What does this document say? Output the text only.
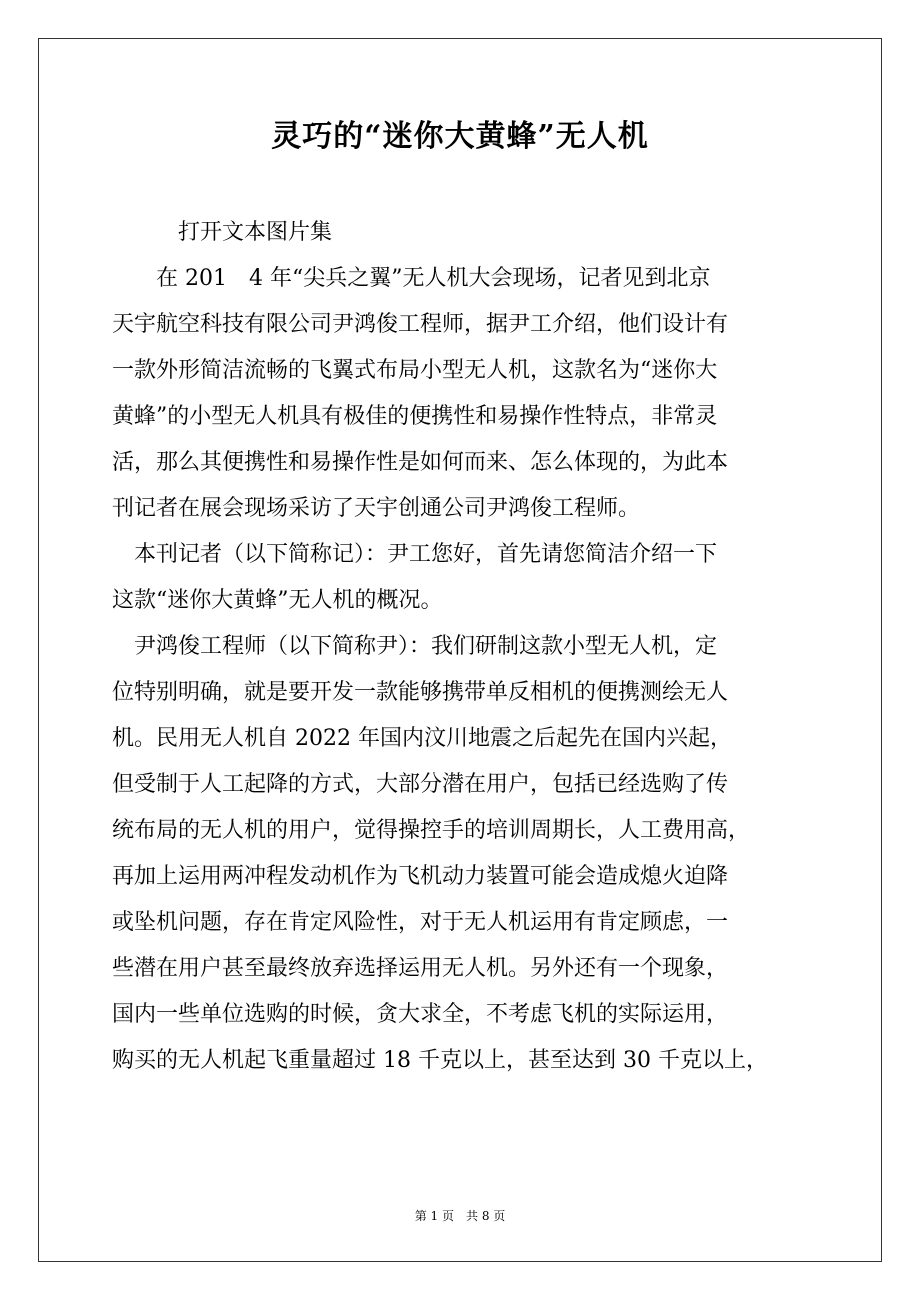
灵巧的“迷你大黄蜂”无人机
　　　打开文本图片集
　　在 201　4 年“尖兵之翼”无人机大会现场，记者见到北京
天宇航空科技有限公司尹鸿俊工程师，据尹工介绍，他们设计有
一款外形简洁流畅的飞翼式布局小型无人机，这款名为“迷你大
黄蜂”的小型无人机具有极佳的便携性和易操作性特点，非常灵
活，那么其便携性和易操作性是如何而来、怎么体现的，为此本
刊记者在展会现场采访了天宇创通公司尹鸿俊工程师。
　本刊记者（以下简称记）：尹工您好，首先请您简洁介绍一下
这款“迷你大黄蜂”无人机的概况。
　尹鸿俊工程师（以下简称尹）：我们研制这款小型无人机，定
位特别明确，就是要开发一款能够携带单反相机的便携测绘无人
机。民用无人机自 2022 年国内汶川地震之后起先在国内兴起，
但受制于人工起降的方式，大部分潜在用户，包括已经选购了传
统布局的无人机的用户，觉得操控手的培训周期长，人工费用高，
再加上运用两冲程发动机作为飞机动力装置可能会造成熄火迫降
或坠机问题，存在肯定风险性，对于无人机运用有肯定顾虑，一
些潜在用户甚至最终放弃选择运用无人机。另外还有一个现象，
国内一些单位选购的时候，贪大求全，不考虑飞机的实际运用，
购买的无人机起飞重量超过 18 千克以上，甚至达到 30 千克以上，
第 1 页 共 8 页
